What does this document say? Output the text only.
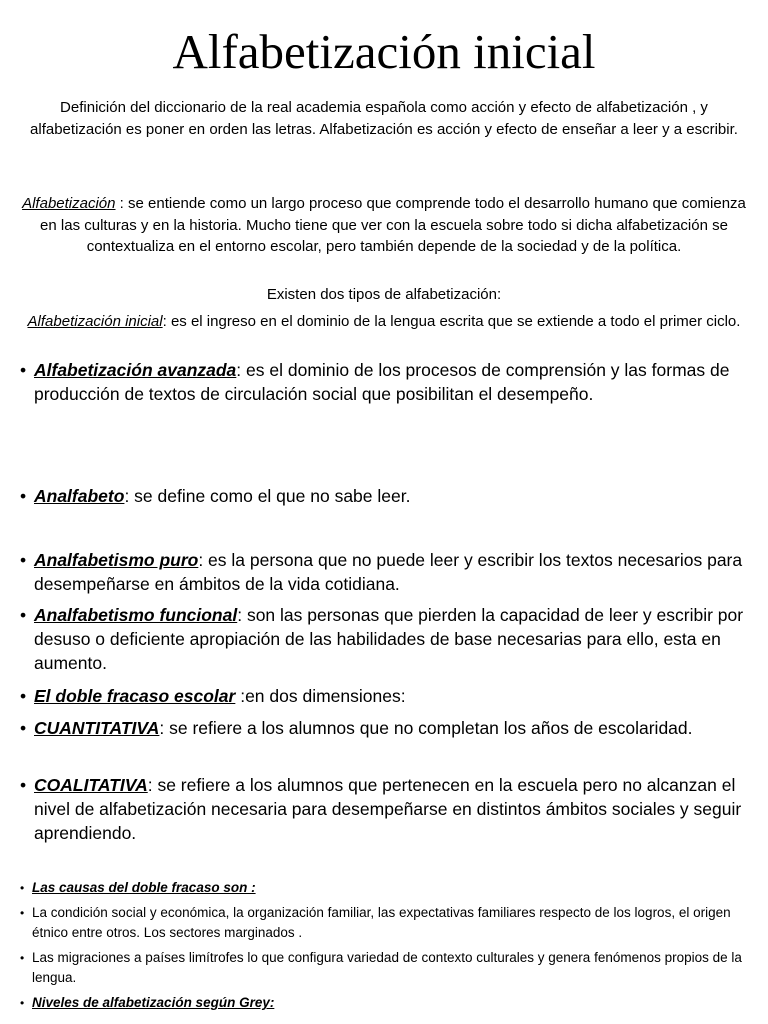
Alfabetización inicial
Definición del diccionario de la real academia española como acción y efecto de alfabetización , y alfabetización es poner en orden las letras. Alfabetización es acción y efecto de enseñar a leer y a escribir.
Alfabetización : se entiende como un largo proceso que comprende todo el desarrollo humano que comienza en las culturas y en la historia. Mucho tiene que ver con la escuela sobre todo si dicha alfabetización se contextualiza en el entorno escolar, pero también depende de la sociedad y de la política.
Existen dos tipos de alfabetización:
Alfabetización inicial: es el ingreso en el dominio de la lengua escrita que se extiende a todo el primer ciclo.
• Alfabetización avanzada: es el dominio de los procesos de comprensión y las formas de producción de textos de circulación social que posibilitan el desempeño.
• Analfabeto: se define como el que no sabe leer.
• Analfabetismo puro: es la persona que no puede leer y escribir los textos necesarios para desempeñarse en ámbitos de la vida cotidiana.
• Analfabetismo funcional: son las personas que pierden la capacidad de leer y escribir por desuso o deficiente apropiación de las habilidades de base necesarias para ello, esta en aumento.
• El doble fracaso escolar :en dos dimensiones:
• CUANTITATIVA: se refiere a los alumnos que no completan los años de escolaridad.
• COALITATIVA: se refiere a los alumnos que pertenecen en la escuela pero no alcanzan el nivel de alfabetización necesaria para desempeñarse en distintos ámbitos sociales y seguir aprendiendo.
• Las causas del doble fracaso son :
• La condición social y económica, la organización familiar, las expectativas familiares respecto de los logros, el origen étnico entre otros. Los sectores marginados .
• Las migraciones a países limítrofes lo que configura variedad de contexto culturales y genera fenómenos propios de la lengua.
• Niveles de alfabetización según Grey:
